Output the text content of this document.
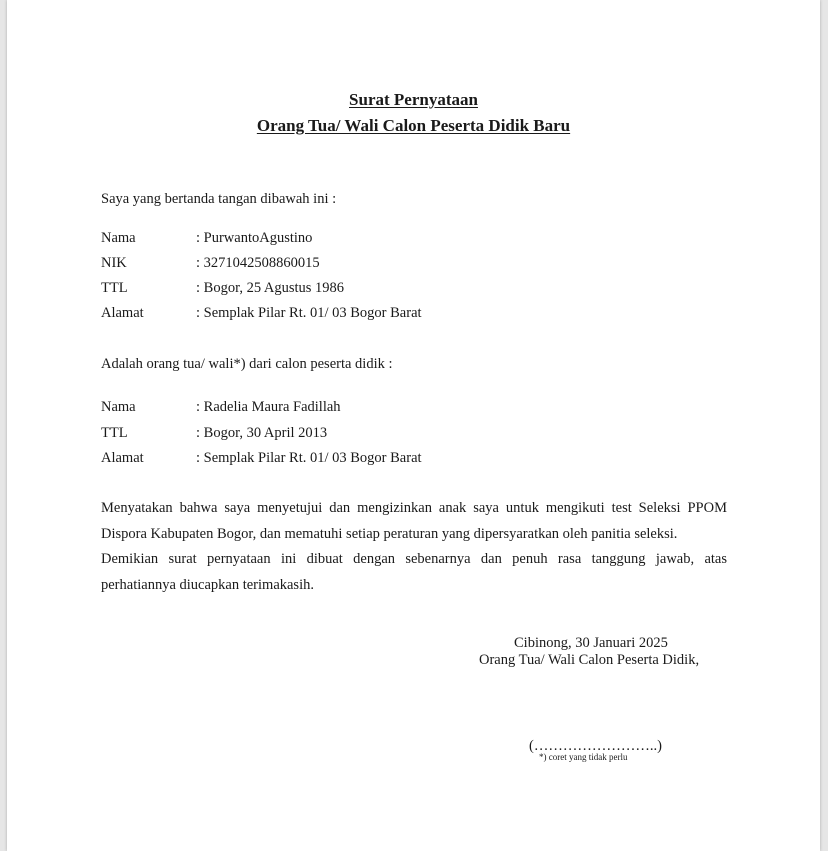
Surat Pernyataan
Orang Tua/ Wali Calon Peserta Didik Baru
Saya yang bertanda tangan dibawah ini :
Nama	: PurwantoAgustino
NIK	: 3271042508860015
TTL	: Bogor, 25 Agustus 1986
Alamat	: Semplak Pilar Rt. 01/ 03 Bogor Barat
Adalah orang tua/ wali*) dari calon peserta didik :
Nama	: Radelia Maura Fadillah
TTL	: Bogor, 30 April 2013
Alamat	: Semplak Pilar Rt. 01/ 03 Bogor Barat
Menyatakan bahwa saya menyetujui dan mengizinkan anak saya untuk mengikuti test Seleksi PPOM
Dispora Kabupaten Bogor, dan mematuhi setiap peraturan yang dipersyaratkan oleh panitia seleksi.
Demikian surat pernyataan ini dibuat dengan sebenarnya dan penuh rasa tanggung jawab, atas
perhatiannya diucapkan terimakasih.
Cibinong, 30 Januari 2025
Orang Tua/ Wali Calon Peserta Didik,
(……………………..)
*) coret yang tidak perlu
